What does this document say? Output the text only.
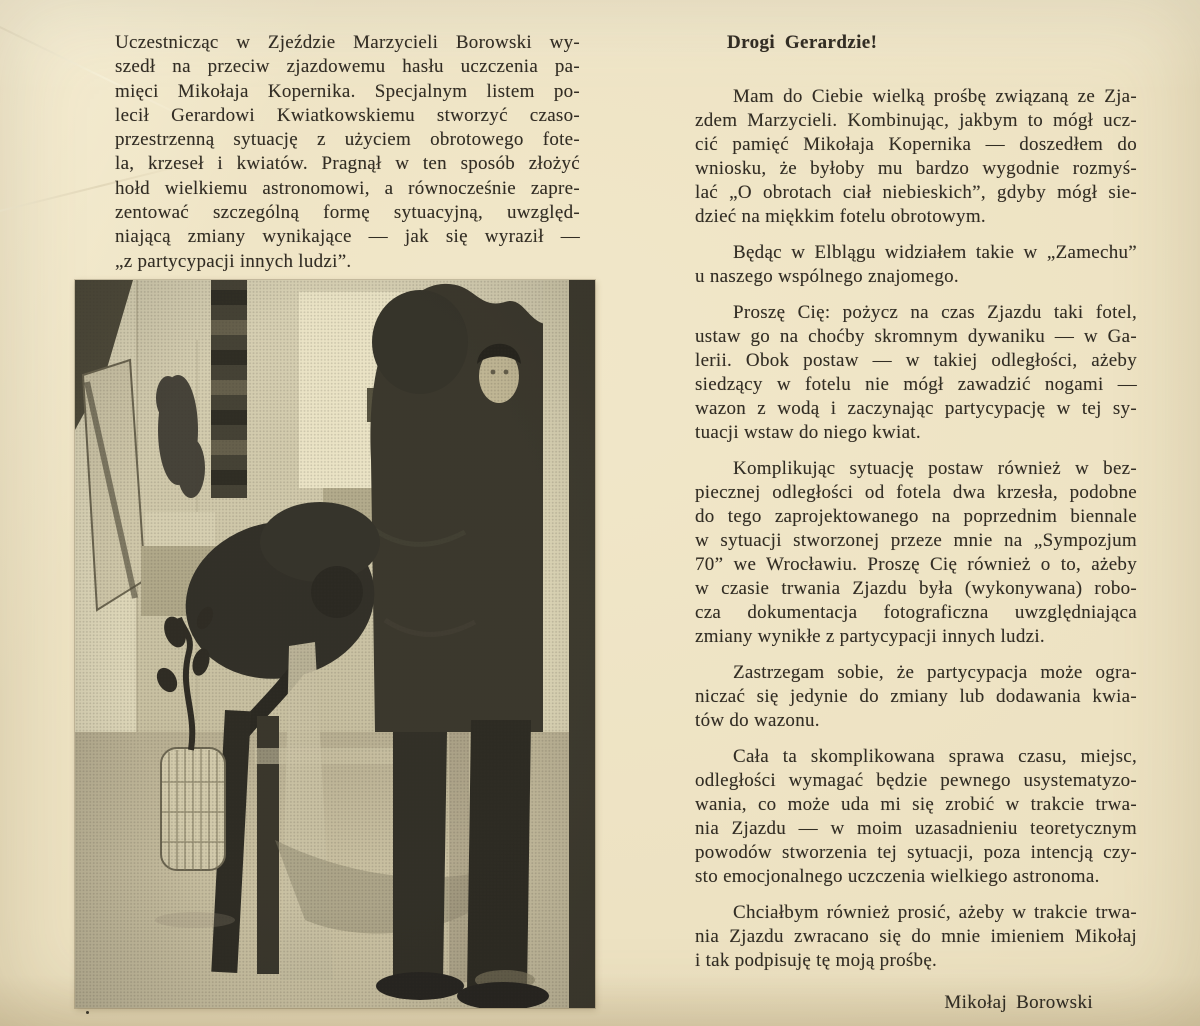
Uczestnicząc w Zjeździe Marzycieli Borowski wy-
szedł na przeciw zjazdowemu hasłu uczczenia pa-
mięci Mikołaja Kopernika. Specjalnym listem po-
lecił Gerardowi Kwiatkowskiemu stworzyć czaso-
przestrzenną sytuację z użyciem obrotowego fote-
la, krzeseł i kwiatów. Pragnął w ten sposób złożyć
hołd wielkiemu astronomowi, a równocześnie zapre-
zentować szczególną formę sytuacyjną, uwzględ-
niającą zmiany wynikające — jak się wyraził —
„z partycypacji innych ludzi”.

Drogi Gerardzie!

Mam do Ciebie wielką prośbę związaną ze Zja-
zdem Marzycieli. Kombinując, jakbym to mógł ucz-
cić pamięć Mikołaja Kopernika — doszedłem do
wniosku, że byłoby mu bardzo wygodnie rozmyś-
lać „O obrotach ciał niebieskich”, gdyby mógł sie-
dzieć na miękkim fotelu obrotowym.
Będąc w Elblągu widziałem takie w „Zamechu”
u naszego wspólnego znajomego.
Proszę Cię: pożycz na czas Zjazdu taki fotel,
ustaw go na choćby skromnym dywaniku — w Ga-
lerii. Obok postaw — w takiej odległości, ażeby
siedzący w fotelu nie mógł zawadzić nogami —
wazon z wodą i zaczynając partycypację w tej sy-
tuacji wstaw do niego kwiat.
Komplikując sytuację postaw również w bez-
piecznej odległości od fotela dwa krzesła, podobne
do tego zaprojektowanego na poprzednim biennale
w sytuacji stworzonej przeze mnie na „Sympozjum
70” we Wrocławiu. Proszę Cię również o to, ażeby
w czasie trwania Zjazdu była (wykonywana) robo-
cza dokumentacja fotograficzna uwzględniająca
zmiany wynikłe z partycypacji innych ludzi.
Zastrzegam sobie, że partycypacja może ogra-
niczać się jedynie do zmiany lub dodawania kwia-
tów do wazonu.
Cała ta skomplikowana sprawa czasu, miejsc,
odległości wymagać będzie pewnego usystematyzo-
wania, co może uda mi się zrobić w trakcie trwa-
nia Zjazdu — w moim uzasadnieniu teoretycznym
powodów stworzenia tej sytuacji, poza intencją czy-
sto emocjonalnego uczczenia wielkiego astronoma.
Chciałbym również prosić, ażeby w trakcie trwa-
nia Zjazdu zwracano się do mnie imieniem Mikołaj
i tak podpisuję tę moją prośbę.

Mikołaj Borowski
